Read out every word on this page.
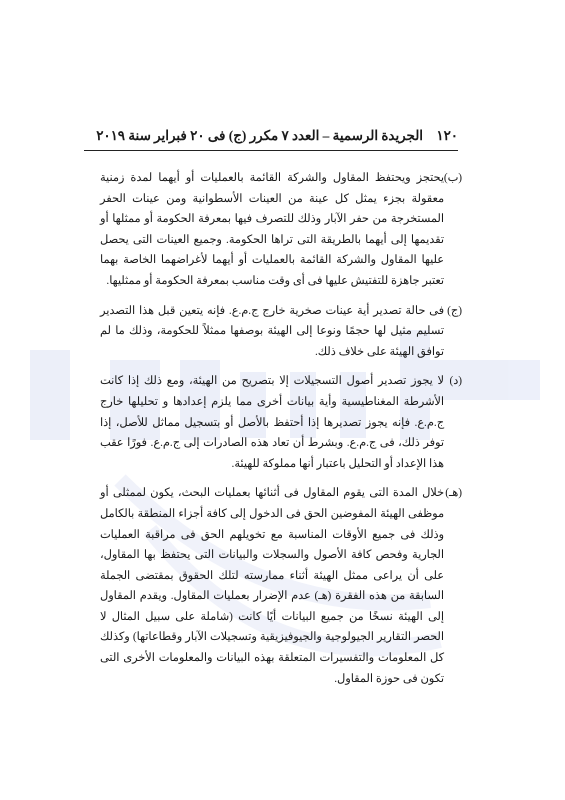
١٢٠    الجريدة الرسمية – العدد ٧ مكرر (ج) فى ٢٠ فبراير سنة ٢٠١٩
(ب)
يحتجز ويحتفظ المقاول والشركة القائمة بالعمليات أو أيهما لمدة زمنية معقولة بجزء يمثل كل عينة من العينات الأسطوانية ومن عينات الحفر المستخرجة من حفر الآبار وذلك للتصرف فيها بمعرفة الحكومة أو ممثلها أو تقديمها إلى أيهما بالطريقة التى تراها الحكومة. وجميع العينات التى يحصل عليها المقاول والشركة القائمة بالعمليات أو أيهما لأغراضهما الخاصة بهما تعتبر جاهزة للتفتيش عليها فى أى وقت مناسب بمعرفة الحكومة أو ممثليها.
(ج)
فى حالة تصدير أية عينات صخرية خارج ج.م.ع. فإنه يتعين قبل هذا التصدير تسليم مثيل لها حجمًا ونوعا إلى الهيئة بوصفها ممثلاً للحكومة، وذلك ما لم توافق الهيئة على خلاف ذلك.
(د)
لا يجوز تصدير أصول التسجيلات إلا بتصريح من الهيئة، ومع ذلك إذا كانت الأشرطة المغناطيسية وأية بيانات أخرى مما يلزم إعدادها و تحليلها خارج ج.م.ع. فإنه يجوز تصديرها إذا أحتفظ بالأصل أو بتسجيل مماثل للأصل، إذا توفر ذلك، فى ج.م.ع. وبشرط أن تعاد هذه الصادرات إلى ج.م.ع. فورًا عقب هذا الإعداد أو التحليل باعتبار أنها مملوكة للهيئة.
(هـ)
خلال المدة التى يقوم المقاول فى أثنائها بعمليات البحث، يكون لممثلى أو موظفى الهيئة المفوضين الحق فى الدخول إلى كافة أجزاء المنطقة بالكامل وذلك فى جميع الأوقات المناسبة مع تخويلهم الحق فى مراقبة العمليات الجارية وفحص كافة الأصول والسجلات والبيانات التى يحتفظ بها المقاول، على أن يراعى ممثل الهيئة أثناء ممارسته لتلك الحقوق بمقتضى الجملة السابقة من هذه الفقرة (هـ) عدم الإضرار بعمليات المقاول. ويقدم المقاول إلى الهيئة نسخًا من جميع البيانات أيًا كانت (شاملة على سبيل المثال لا الحصر التقارير الجيولوجية والجيوفيزيقية وتسجيلات الآبار وقطاعاتها) وكذلك كل المعلومات والتفسيرات المتعلقة بهذه البيانات والمعلومات الأخرى التى تكون فى حوزة المقاول.
